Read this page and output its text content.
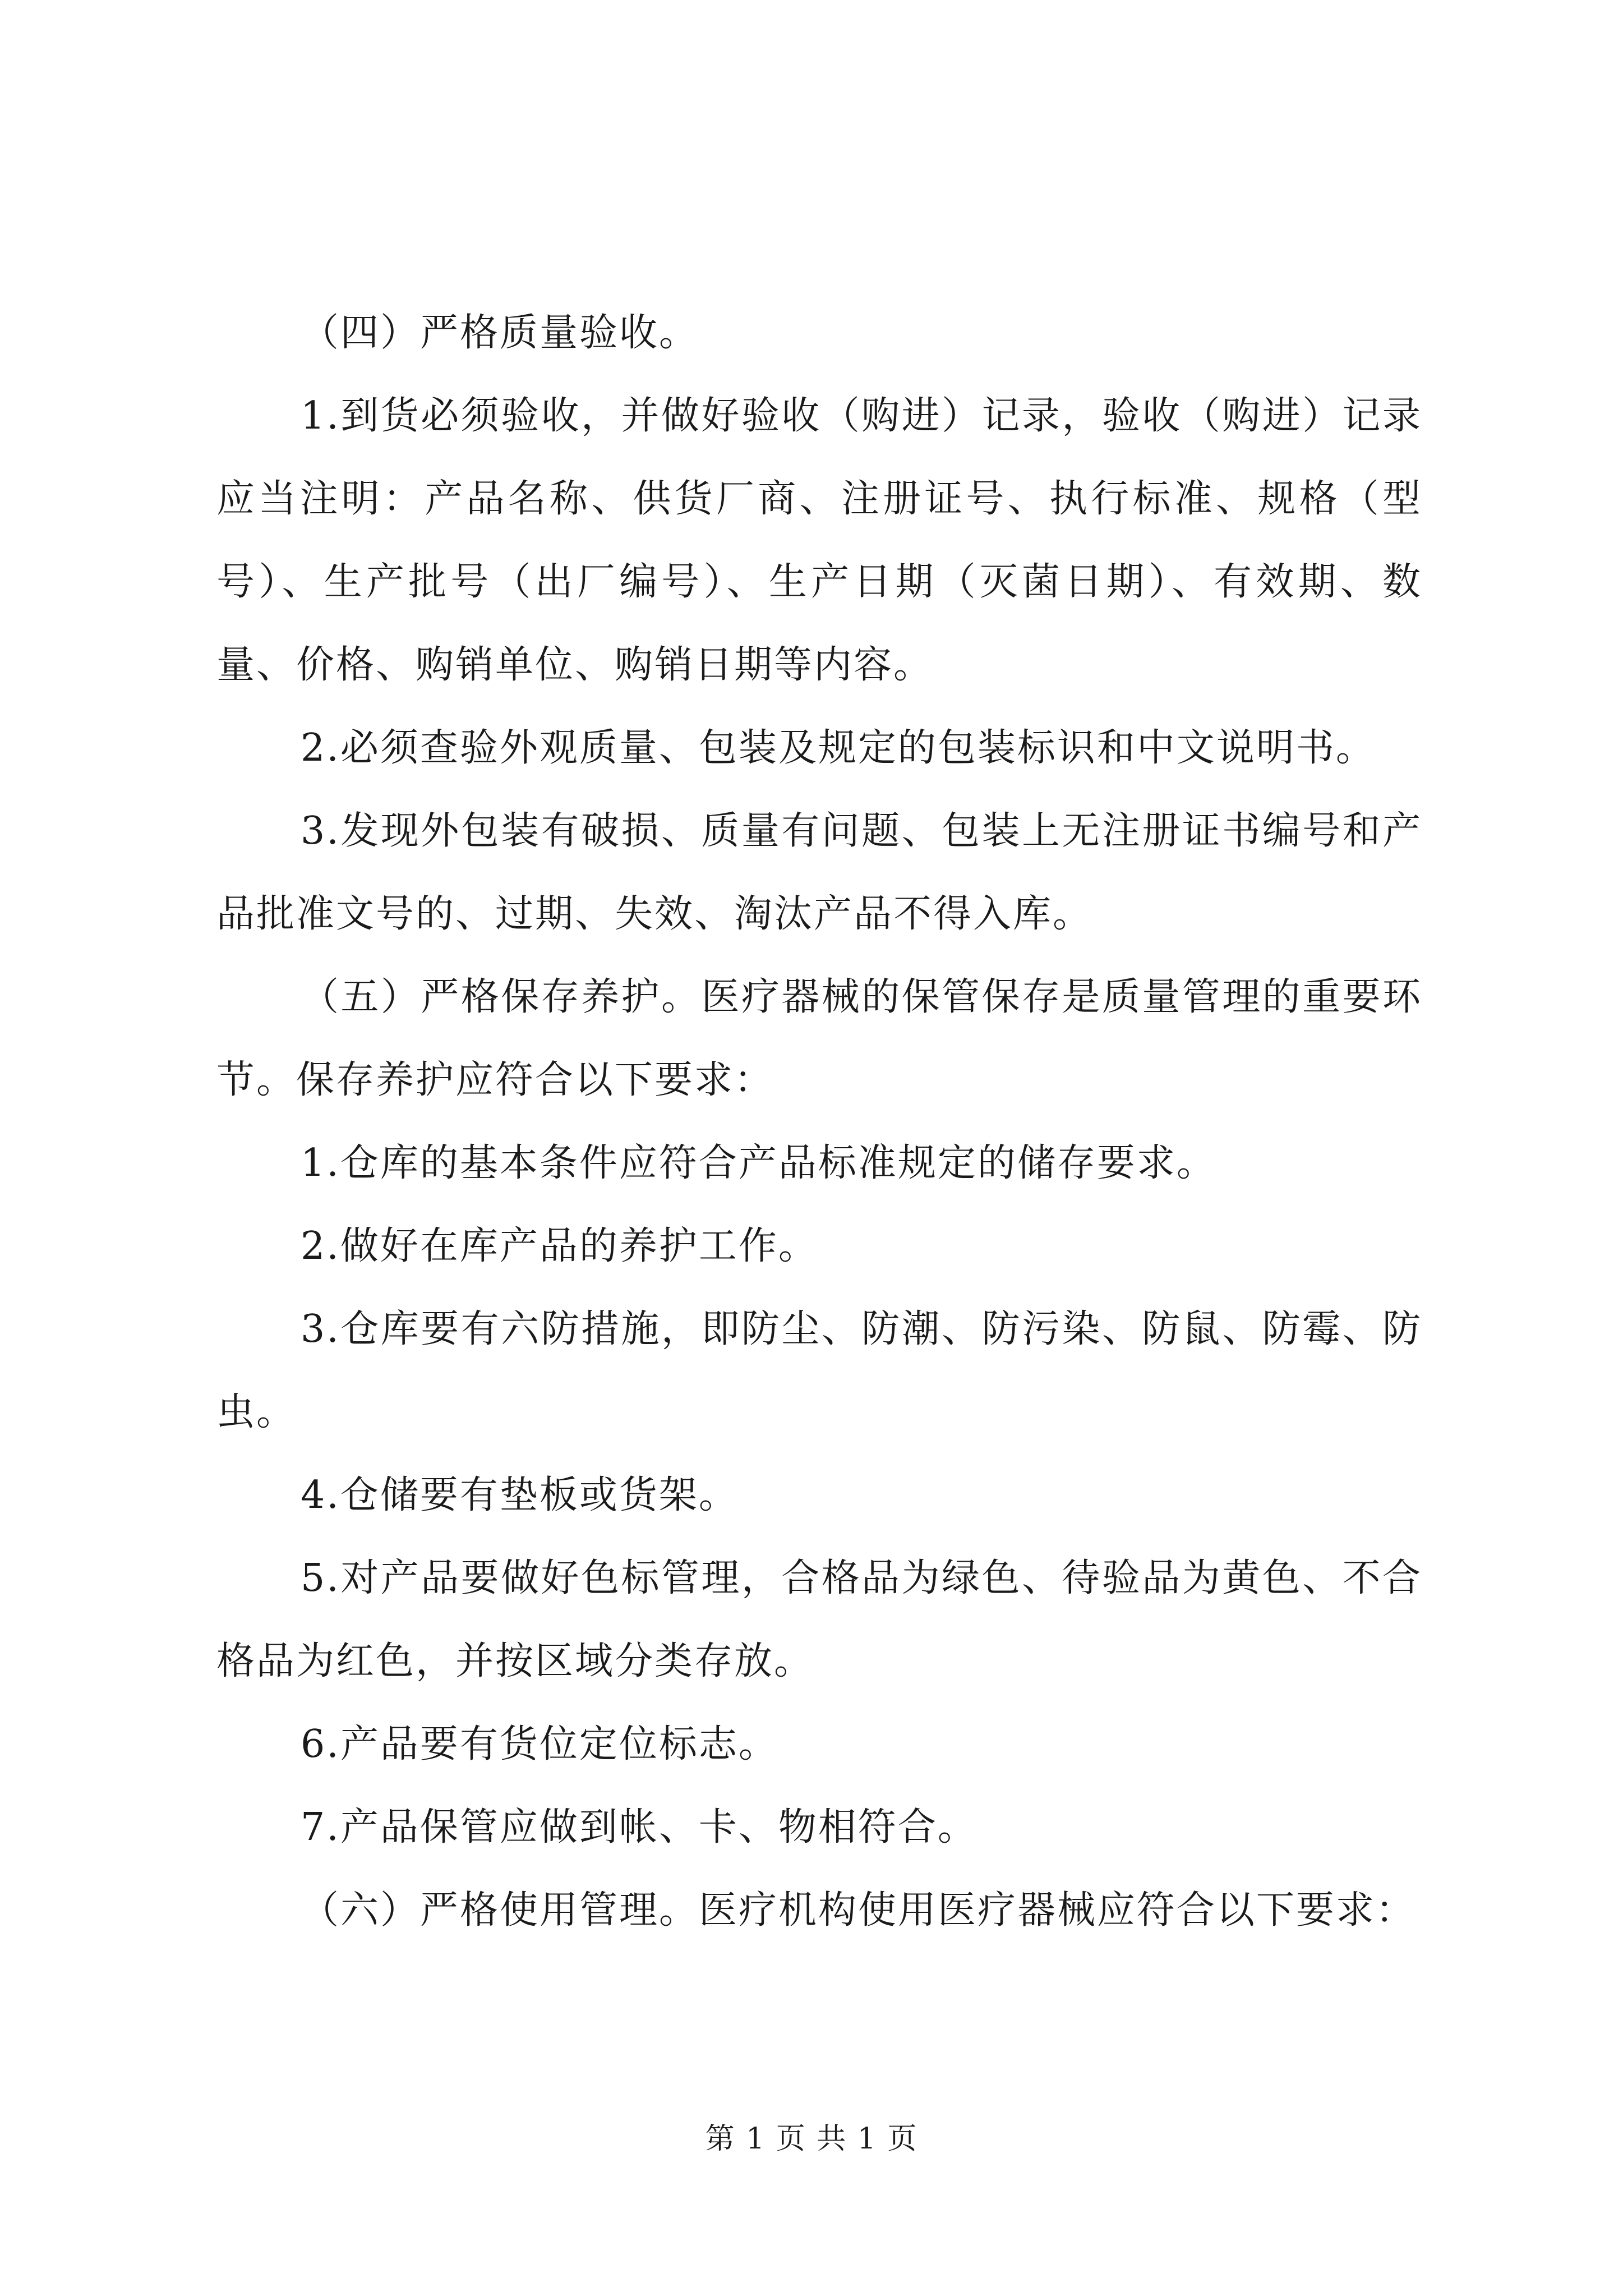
（四）严格质量验收。

1.到货必须验收，并做好验收（购进）记录，验收（购进）记录应当注明：产品名称、供货厂商、注册证号、执行标准、规格（型号）、生产批号（出厂编号）、生产日期（灭菌日期）、有效期、数量、价格、购销单位、购销日期等内容。

2.必须查验外观质量、包装及规定的包装标识和中文说明书。

3.发现外包装有破损、质量有问题、包装上无注册证书编号和产品批准文号的、过期、失效、淘汰产品不得入库。

（五）严格保存养护。医疗器械的保管保存是质量管理的重要环节。保存养护应符合以下要求：

1.仓库的基本条件应符合产品标准规定的储存要求。

2.做好在库产品的养护工作。

3.仓库要有六防措施，即防尘、防潮、防污染、防鼠、防霉、防虫。

4.仓储要有垫板或货架。

5.对产品要做好色标管理，合格品为绿色、待验品为黄色、不合格品为红色，并按区域分类存放。

6.产品要有货位定位标志。

7.产品保管应做到帐、卡、物相符合。

（六）严格使用管理。医疗机构使用医疗器械应符合以下要求：

第 1 页 共 1 页
